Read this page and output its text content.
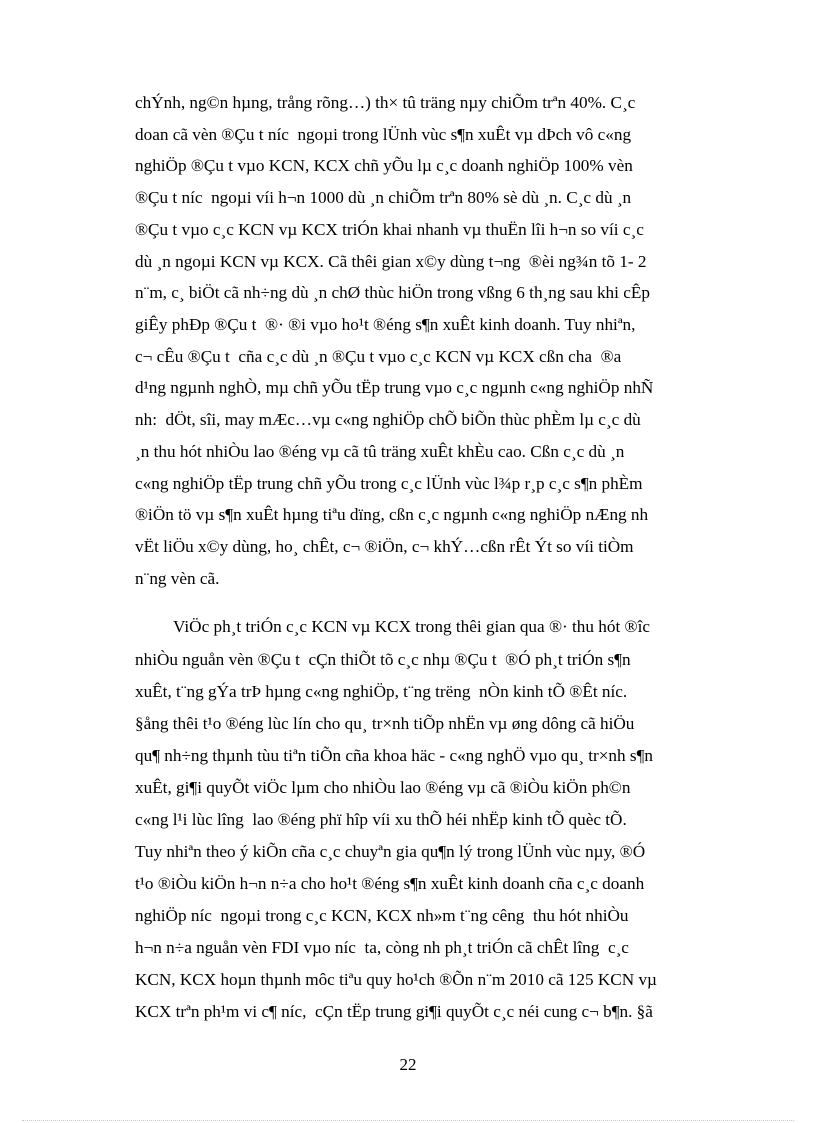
chÝnh, ng©n hµng, trång rõng…) th× tû träng nµy chiÕm trªn 40%. C¸c
doan cã vèn ®Çu t níc  ngoµi trong lÜnh vùc s¶n xuÊt vµ dÞch vô c«ng
nghiÖp ®Çu t vµo KCN, KCX chñ yÕu lµ c¸c doanh nghiÖp 100% vèn
®Çu t níc  ngoµi víi h¬n 1000 dù ¸n chiÕm trªn 80% sè dù ¸n. C¸c dù ¸n
®Çu t vµo c¸c KCN vµ KCX triÓn khai nhanh vµ thuËn lîi h¬n so víi c¸c
dù ¸n ngoµi KCN vµ KCX. Cã thêi gian x©y dùng t¬ng  ®èi ng¾n tõ 1- 2
n¨m, c¸ biÖt cã nh÷ng dù ¸n chØ thùc hiÖn trong vßng 6 th¸ng sau khi cÊp
giÊy phÐp ®Çu t  ®· ®i vµo ho¹t ®éng s¶n xuÊt kinh doanh. Tuy nhiªn,
c¬ cÊu ®Çu t  cña c¸c dù ¸n ®Çu t vµo c¸c KCN vµ KCX cßn cha  ®a
d¹ng ngµnh nghÒ, mµ chñ yÕu tËp trung vµo c¸c ngµnh c«ng nghiÖp nhÑ
nh:  dÖt, sîi, may mÆc…vµ c«ng nghiÖp chÕ biÕn thùc phÈm lµ c¸c dù
¸n thu hót nhiÒu lao ®éng vµ cã tû träng xuÊt khÈu cao. Cßn c¸c dù ¸n
c«ng nghiÖp tËp trung chñ yÕu trong c¸c lÜnh vùc l¾p r¸p c¸c s¶n phÈm
®iÖn tö vµ s¶n xuÊt hµng tiªu dïng, cßn c¸c ngµnh c«ng nghiÖp nÆng nh
vËt liÖu x©y dùng, ho¸ chÊt, c¬ ®iÖn, c¬ khÝ…cßn rÊt Ýt so víi tiÒm
n¨ng vèn cã.
ViÖc ph¸t triÓn c¸c KCN vµ KCX trong thêi gian qua ®· thu hót ®îc
nhiÒu nguån vèn ®Çu t  cÇn thiÕt tõ c¸c nhµ ®Çu t  ®Ó ph¸t triÓn s¶n
xuÊt, t¨ng gÝa trÞ hµng c«ng nghiÖp, t¨ng trëng  nÒn kinh tÕ ®Êt níc.
§ång thêi t¹o ®éng lùc lín cho qu¸ tr×nh tiÕp nhËn vµ øng dông cã hiÖu
qu¶ nh÷ng thµnh tùu tiªn tiÕn cña khoa häc - c«ng nghÖ vµo qu¸ tr×nh s¶n
xuÊt, gi¶i quyÕt viÖc lµm cho nhiÒu lao ®éng vµ cã ®iÒu kiÖn ph©n
c«ng l¹i lùc lîng  lao ®éng phï hîp víi xu thÕ héi nhËp kinh tÕ quèc tÕ.
Tuy nhiªn theo ý kiÕn cña c¸c chuyªn gia qu¶n lý trong lÜnh vùc nµy, ®Ó
t¹o ®iÒu kiÖn h¬n n÷a cho ho¹t ®éng s¶n xuÊt kinh doanh cña c¸c doanh
nghiÖp níc  ngoµi trong c¸c KCN, KCX nh»m t¨ng cêng  thu hót nhiÒu
h¬n n÷a nguån vèn FDI vµo níc  ta, còng nh ph¸t triÓn cã chÊt lîng  c¸c
KCN, KCX hoµn thµnh môc tiªu quy ho¹ch ®Õn n¨m 2010 cã 125 KCN vµ
KCX trªn ph¹m vi c¶ níc,  cÇn tËp trung gi¶i quyÕt c¸c néi cung c¬ b¶n. §ã
22
